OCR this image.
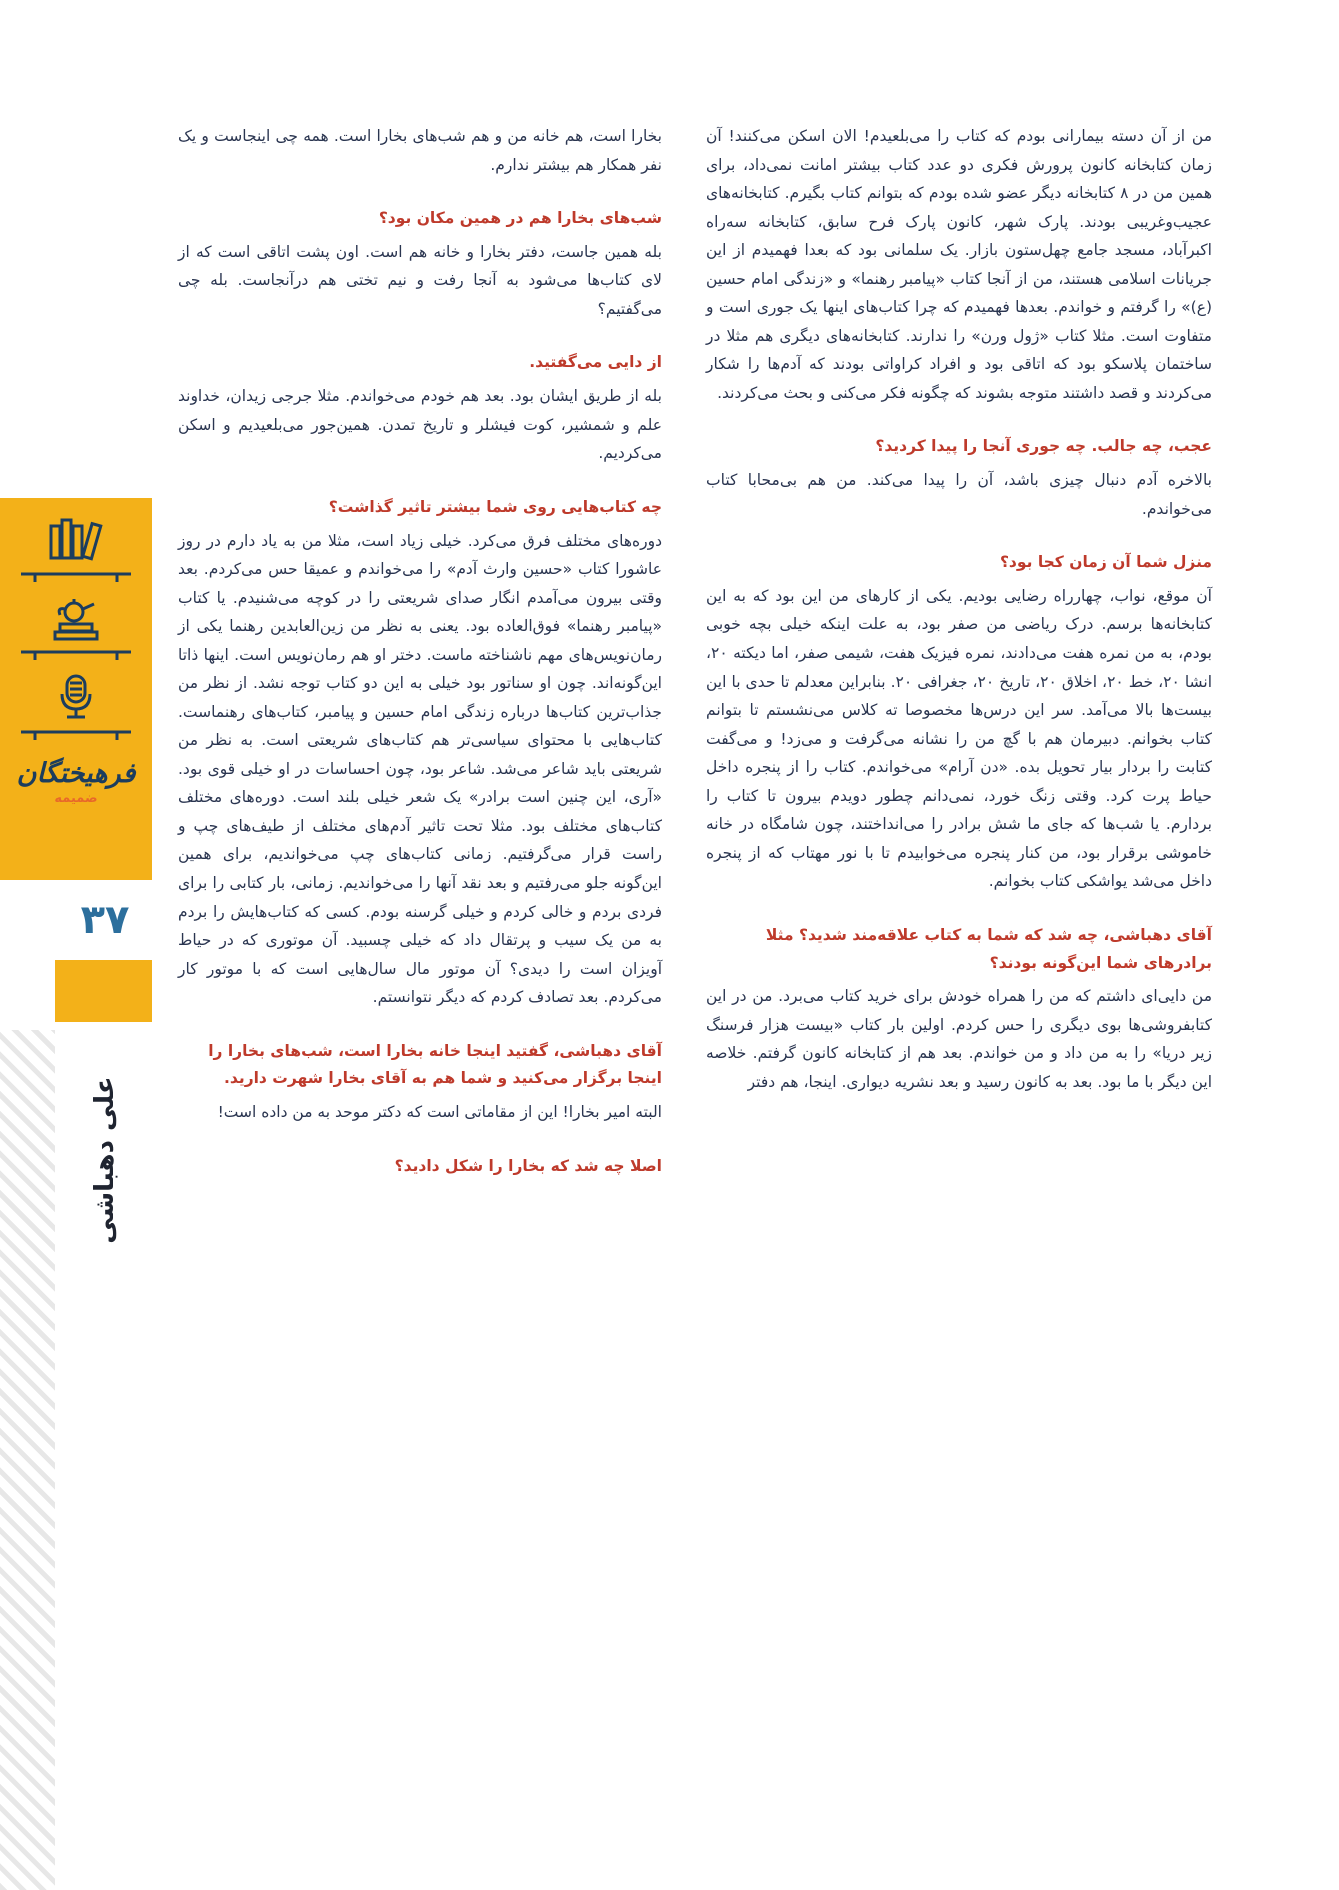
فرهیختگان
ضمیمه
۳۷
علی دهباشی

من از آن دسته بیمارانی بودم که کتاب را می‌بلعیدم! الان اسکن می‌کنند! آن زمان کتابخانه کانون پرورش فکری دو عدد کتاب بیشتر امانت نمی‌داد، برای همین من در ۸ کتابخانه دیگر عضو شده بودم که بتوانم کتاب بگیرم. کتابخانه‌های عجیب‌وغریبی بودند. پارک شهر، کانون پارک فرح سابق، کتابخانه سه‌راه اکبرآباد، مسجد جامع چهل‌ستون بازار. یک سلمانی بود که بعدا فهمیدم از این جریانات اسلامی هستند، من از آنجا کتاب «پیامبر رهنما» و «زندگی امام حسین (ع)» را گرفتم و خواندم. بعدها فهمیدم که چرا کتاب‌های اینها یک جوری است و متفاوت است. مثلا کتاب «ژول ورن» را ندارند. کتابخانه‌های دیگری هم مثلا در ساختمان پلاسکو بود که اتاقی بود و افراد کراواتی بودند که آدم‌ها را شکار می‌کردند و قصد داشتند متوجه بشوند که چگونه فکر می‌کنی و بحث می‌کردند.

عجب، چه جالب. چه جوری آنجا را پیدا کردید؟

بالاخره آدم دنبال چیزی باشد، آن را پیدا می‌کند. من هم بی‌محابا کتاب می‌خواندم.

منزل شما آن زمان کجا بود؟

آن موقع، نواب، چهارراه رضایی بودیم. یکی از کارهای من این بود که به این کتابخانه‌ها برسم. درک ریاضی من صفر بود، به علت اینکه خیلی بچه خوبی بودم، به من نمره هفت می‌دادند، نمره فیزیک هفت، شیمی صفر، اما دیکته ۲۰، انشا ۲۰، خط ۲۰، اخلاق ۲۰، تاریخ ۲۰، جغرافی ۲۰. بنابراین معدلم تا حدی با این بیست‌ها بالا می‌آمد. سر این درس‌ها مخصوصا ته کلاس می‌نشستم تا بتوانم کتاب بخوانم. دبیرمان هم با گچ من را نشانه می‌گرفت و می‌زد! و می‌گفت کتابت را بردار بیار تحویل بده. «دن آرام» می‌خواندم. کتاب را از پنجره داخل حیاط پرت کرد. وقتی زنگ خورد، نمی‌دانم چطور دویدم بیرون تا کتاب را بردارم. یا شب‌ها که جای ما شش برادر را می‌انداختند، چون شامگاه در خانه خاموشی برقرار بود، من کنار پنجره می‌خوابیدم تا با نور مهتاب که از پنجره داخل می‌شد یواشکی کتاب بخوانم.

آقای دهباشی، چه شد که شما به کتاب علاقه‌مند شدید؟ مثلا برادرهای شما این‌گونه بودند؟

من دایی‌ای داشتم که من را همراه خودش برای خرید کتاب می‌برد. من در این کتابفروشی‌ها بوی دیگری را حس کردم. اولین بار کتاب «بیست هزار فرسنگ زیر دریا» را به من داد و من خواندم. بعد هم از کتابخانه کانون گرفتم. خلاصه این دیگر با ما بود. بعد به کانون رسید و بعد نشریه دیواری. اینجا، هم دفتر

بخارا است، هم خانه من و هم شب‌های بخارا است. همه چی اینجاست و یک نفر همکار هم بیشتر ندارم.

شب‌های بخارا هم در همین مکان بود؟

بله همین جاست، دفتر بخارا و خانه هم است. اون پشت اتاقی است که از لای کتاب‌ها می‌شود به آنجا رفت و نیم تختی هم درآنجاست. بله چی می‌گفتیم؟

از دایی می‌گفتید.

بله از طریق ایشان بود. بعد هم خودم می‌خواندم. مثلا جرجی زیدان، خداوند علم و شمشیر، کوت فیشلر و تاریخ تمدن. همین‌جور می‌بلعیدیم و اسکن می‌کردیم.

چه کتاب‌هایی روی شما بیشتر تاثیر گذاشت؟

دوره‌های مختلف فرق می‌کرد. خیلی زیاد است، مثلا من به یاد دارم در روز عاشورا کتاب «حسین وارث آدم» را می‌خواندم و عمیقا حس می‌کردم. بعد وقتی بیرون می‌آمدم انگار صدای شریعتی را در کوچه می‌شنیدم. یا کتاب «پیامبر رهنما» فوق‌العاده بود. یعنی به نظر من زین‌العابدین رهنما یکی از رمان‌نویس‌های مهم ناشناخته ماست. دختر او هم رمان‌نویس است. اینها ذاتا این‌گونه‌اند. چون او سناتور بود خیلی به این دو کتاب توجه نشد. از نظر من جذاب‌ترین کتاب‌ها درباره زندگی امام حسین و پیامبر، کتاب‌های رهنماست. کتاب‌هایی با محتوای سیاسی‌تر هم کتاب‌های شریعتی است. به نظر من شریعتی باید شاعر می‌شد. شاعر بود، چون احساسات در او خیلی قوی بود. «آری، این چنین است برادر» یک شعر خیلی بلند است. دوره‌های مختلف کتاب‌های مختلف بود. مثلا تحت تاثیر آدم‌های مختلف از طیف‌های چپ و راست قرار می‌گرفتیم. زمانی کتاب‌های چپ می‌خواندیم، برای همین این‌گونه جلو می‌رفتیم و بعد نقد آنها را می‌خواندیم. زمانی، بار کتابی را برای فردی بردم و خالی کردم و خیلی گرسنه بودم. کسی که کتاب‌هایش را بردم به من یک سیب و پرتقال داد که خیلی چسبید. آن موتوری که در حیاط آویزان است را دیدی؟ آن موتور مال سال‌هایی است که با موتور کار می‌کردم. بعد تصادف کردم که دیگر نتوانستم.

آقای دهباشی، گفتید اینجا خانه بخارا است، شب‌های بخارا را اینجا برگزار می‌کنید و شما هم به آقای بخارا شهرت دارید.

البته امیر بخارا! این از مقاماتی است که دکتر موحد به من داده است!

اصلا چه شد که بخارا را شکل دادید؟
